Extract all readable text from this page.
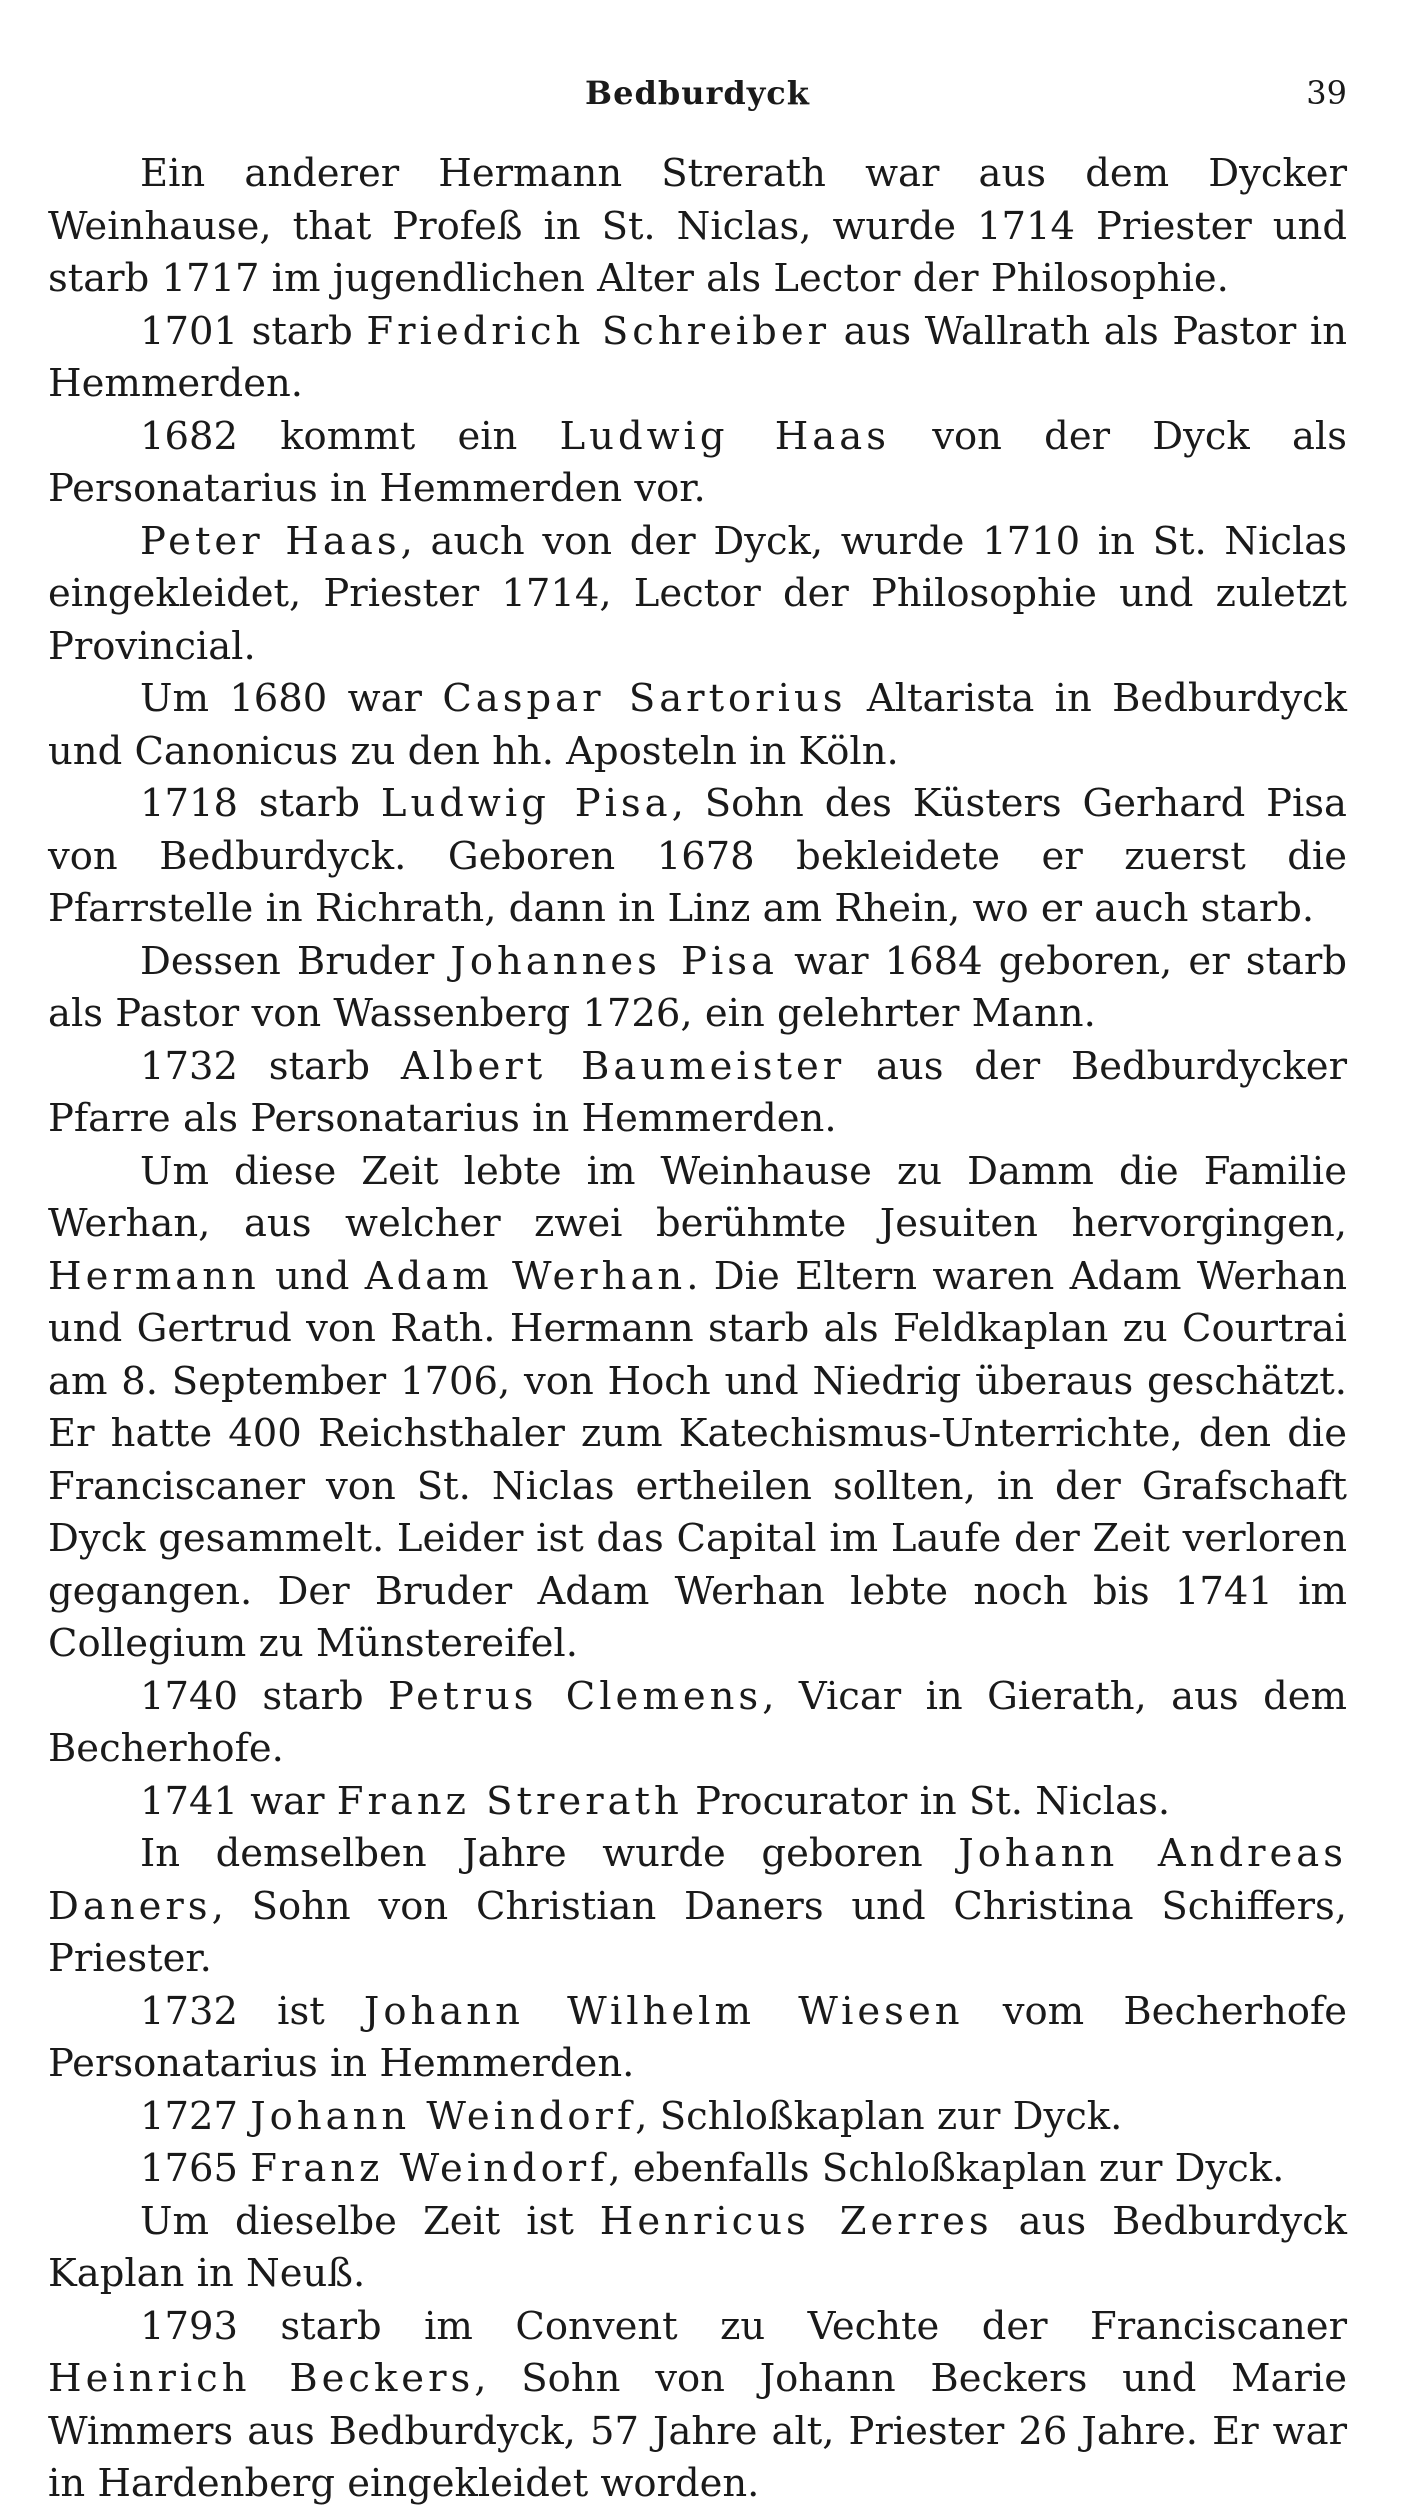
Bedburdyck	39

Ein anderer Hermann Strerath war aus dem Dycker Weinhause, that Profeß in St. Niclas, wurde 1714 Priester und starb 1717 im jugendlichen Alter als Lector der Philosophie.

1701 starb Friedrich Schreiber aus Wallrath als Pastor in Hemmerden.

1682 kommt ein Ludwig Haas von der Dyck als Personatarius in Hemmerden vor.

Peter Haas, auch von der Dyck, wurde 1710 in St. Niclas eingekleidet, Priester 1714, Lector der Philosophie und zuletzt Provincial.

Um 1680 war Caspar Sartorius Altarista in Bedburdyck und Canonicus zu den hh. Aposteln in Köln.

1718 starb Ludwig Pisa, Sohn des Küsters Gerhard Pisa von Bedburdyck. Geboren 1678 bekleidete er zuerst die Pfarrstelle in Richrath, dann in Linz am Rhein, wo er auch starb.

Dessen Bruder Johannes Pisa war 1684 geboren, er starb als Pastor von Wassenberg 1726, ein gelehrter Mann.

1732 starb Albert Baumeister aus der Bedburdycker Pfarre als Personatarius in Hemmerden.

Um diese Zeit lebte im Weinhause zu Damm die Familie Werhan, aus welcher zwei berühmte Jesuiten hervorgingen, Hermann und Adam Werhan. Die Eltern waren Adam Werhan und Gertrud von Rath. Hermann starb als Feldkaplan zu Courtrai am 8. September 1706, von Hoch und Niedrig überaus geschätzt. Er hatte 400 Reichsthaler zum Katechismus-Unterrichte, den die Franciscaner von St. Niclas ertheilen sollten, in der Grafschaft Dyck gesammelt. Leider ist das Capital im Laufe der Zeit verloren gegangen. Der Bruder Adam Werhan lebte noch bis 1741 im Collegium zu Münstereifel.

1740 starb Petrus Clemens, Vicar in Gierath, aus dem Becherhofe.

1741 war Franz Strerath Procurator in St. Niclas.

In demselben Jahre wurde geboren Johann Andreas Daners, Sohn von Christian Daners und Christina Schiffers, Priester.

1732 ist Johann Wilhelm Wiesen vom Becherhofe Personatarius in Hemmerden.

1727 Johann Weindorf, Schloßkaplan zur Dyck.

1765 Franz Weindorf, ebenfalls Schloßkaplan zur Dyck.

Um dieselbe Zeit ist Henricus Zerres aus Bedburdyck Kaplan in Neuß.

1793 starb im Convent zu Vechte der Franciscaner Heinrich Beckers, Sohn von Johann Beckers und Marie Wimmers aus Bedburdyck, 57 Jahre alt, Priester 26 Jahre. Er war in Hardenberg eingekleidet worden.
